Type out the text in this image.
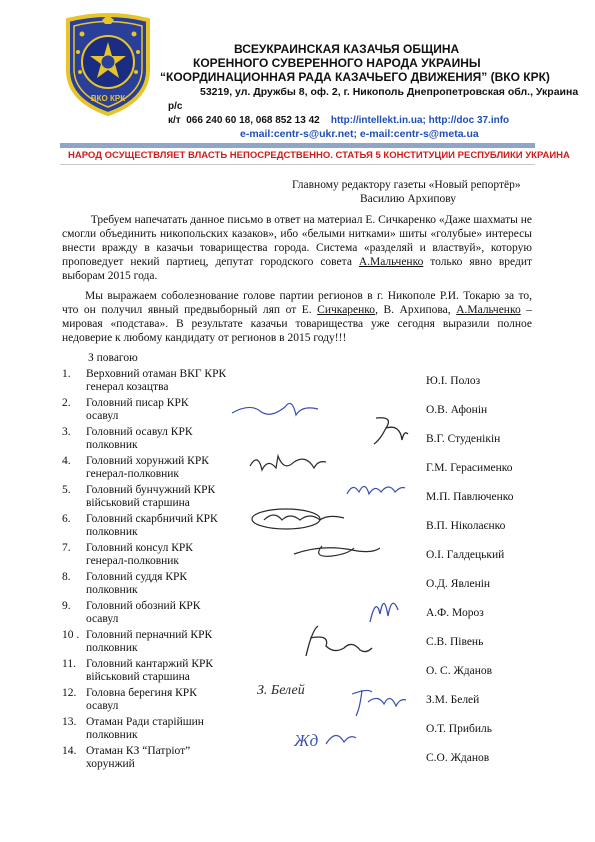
ВКО КРК
ВСЕУКРАИНСКАЯ КАЗАЧЬЯ ОБЩИНА
КОРЕННОГО СУВЕРЕННОГО НАРОДА УКРАИНЫ
“КООРДИНАЦИОННАЯ РАДА КАЗАЧЬЕГО ДВИЖЕНИЯ” (ВКО КРК)
53219, ул. Дружбы 8, оф. 2, г. Никополь Днепропетровская обл., Украина
р/с
к/т 066 240 60 18, 068 852 13 42 http://intellekt.in.ua; http://doc 37.info
e-mail:centr-s@ukr.net; e-mail:centr-s@meta.ua
НАРОД ОСУЩЕСТВЛЯЕТ ВЛАСТЬ НЕПОСРЕДСТВЕННО. СТАТЬЯ 5 КОНСТИТУЦИИ РЕСПУБЛИКИ УКРАИНА
Главному редактору газеты «Новый репортёр»
Василию Архипову
   Требуем напечатать данное письмо в ответ на материал Е. Сичкаренко «Даже шахматы не смогли объединить никопольских казаков», ибо «белыми нитками» шиты «голубые» интересы внести вражду в казачьи товарищества города. Система «разделяй и властвуй», которую проповедует некий партиец, депутат городского совета А.Мальченко только явно вредит выборам 2015 года.
  Мы выражаем соболезнование голове партии регионов в г. Никополе Р.И. Токарю за то, что он получил явный предвыборный ляп от Е. Сичкаренко, В. Архипова, А.Мальченко – мировая «подстава». В результате казачьи товарищества уже сегодня выразили полное недоверие к любому кандидату от регионов в 2015 году!!!
З повагою
1. Верховний отаман ВКГ КРК
генерал козацтва	Ю.І. Полоз
2. Головний писар КРК
осавул	О.В. Афонін
3. Головний осавул КРК
полковник	В.Г. Студенікін
4. Головний хорунжий КРК
генерал-полковник	Г.М. Герасименко
5. Головний бунчужний КРК
військовий старшина	М.П. Павлюченко
6. Головний скарбничий КРК
полковник	В.П. Ніколаєнко
7. Головний консул КРК
генерал-полковник	О.І. Галдецький
8. Головний суддя КРК
полковник	О.Д. Явленін
9. Головний обозний КРК
осавул	А.Ф. Мороз
10 . Головний перначний КРК
полковник	С.В. Півень
11. Головний кантаржий КРК
військовий старшина	О. С. Жданов
12. Головна берегиня КРК
осавул	З.М. Белей
13. Отаман Ради старійшин
полковник	О.Т. Прибиль
14. Отаман КЗ “Патріот”
хорунжий	С.О. Жданов
З. Белей
Жд
